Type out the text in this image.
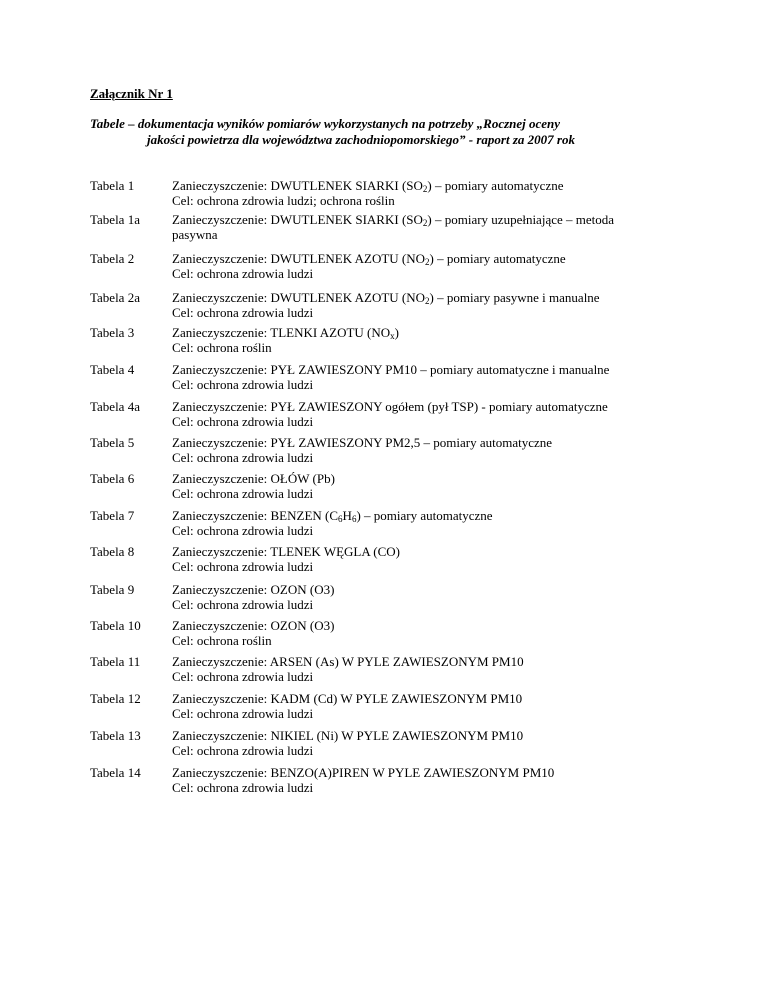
Załącznik Nr 1
Tabele – dokumentacja wyników pomiarów wykorzystanych na potrzeby „Rocznej oceny
jakości powietrza dla województwa zachodniopomorskiego” - raport za 2007 rok
Tabela 1	Zanieczyszczenie: DWUTLENEK SIARKI $(SO_2)$ – pomiary automatyczne
Cel: ochrona zdrowia ludzi; ochrona roślin
Tabela 1a Zanieczyszczenie: DWUTLENEK SIARKI $(SO_2)$ – pomiary uzupełniające – metoda
pasywna
Tabela 2	Zanieczyszczenie: DWUTLENEK AZOTU $(NO_2)$ – pomiary automatyczne
Cel: ochrona zdrowia ludzi
Tabela 2a Zanieczyszczenie: DWUTLENEK AZOTU $(NO_2)$ – pomiary pasywne i manualne
Cel: ochrona zdrowia ludzi
Tabela 3	Zanieczyszczenie: TLENKI AZOTU $(NO_x)$
Cel: ochrona roślin
Tabela 4	Zanieczyszczenie: PYŁ ZAWIESZONY PM10 – pomiary automatyczne i manualne
Cel: ochrona zdrowia ludzi
Tabela 4a Zanieczyszczenie: PYŁ ZAWIESZONY ogółem (pył TSP) - pomiary automatyczne
Cel: ochrona zdrowia ludzi
Tabela 5	Zanieczyszczenie: PYŁ ZAWIESZONY PM2,5 – pomiary automatyczne
Cel: ochrona zdrowia ludzi
Tabela 6	Zanieczyszczenie: OŁÓW (Pb)
Cel: ochrona zdrowia ludzi
Tabela 7	Zanieczyszczenie: BENZEN $(C_6H_6)$ – pomiary automatyczne
Cel: ochrona zdrowia ludzi
Tabela 8	Zanieczyszczenie: TLENEK WĘGLA (CO)
Cel: ochrona zdrowia ludzi
Tabela 9	Zanieczyszczenie: OZON (O3)
Cel: ochrona zdrowia ludzi
Tabela 10 Zanieczyszczenie: OZON (O3)
Cel: ochrona roślin
Tabela 11 Zanieczyszczenie: ARSEN (As) W PYLE ZAWIESZONYM PM10
Cel: ochrona zdrowia ludzi
Tabela 12 Zanieczyszczenie: KADM (Cd) W PYLE ZAWIESZONYM PM10
Cel: ochrona zdrowia ludzi
Tabela 13 Zanieczyszczenie: NIKIEL (Ni) W PYLE ZAWIESZONYM PM10
Cel: ochrona zdrowia ludzi
Tabela 14 Zanieczyszczenie: BENZO(A)PIREN W PYLE ZAWIESZONYM PM10
Cel: ochrona zdrowia ludzi
